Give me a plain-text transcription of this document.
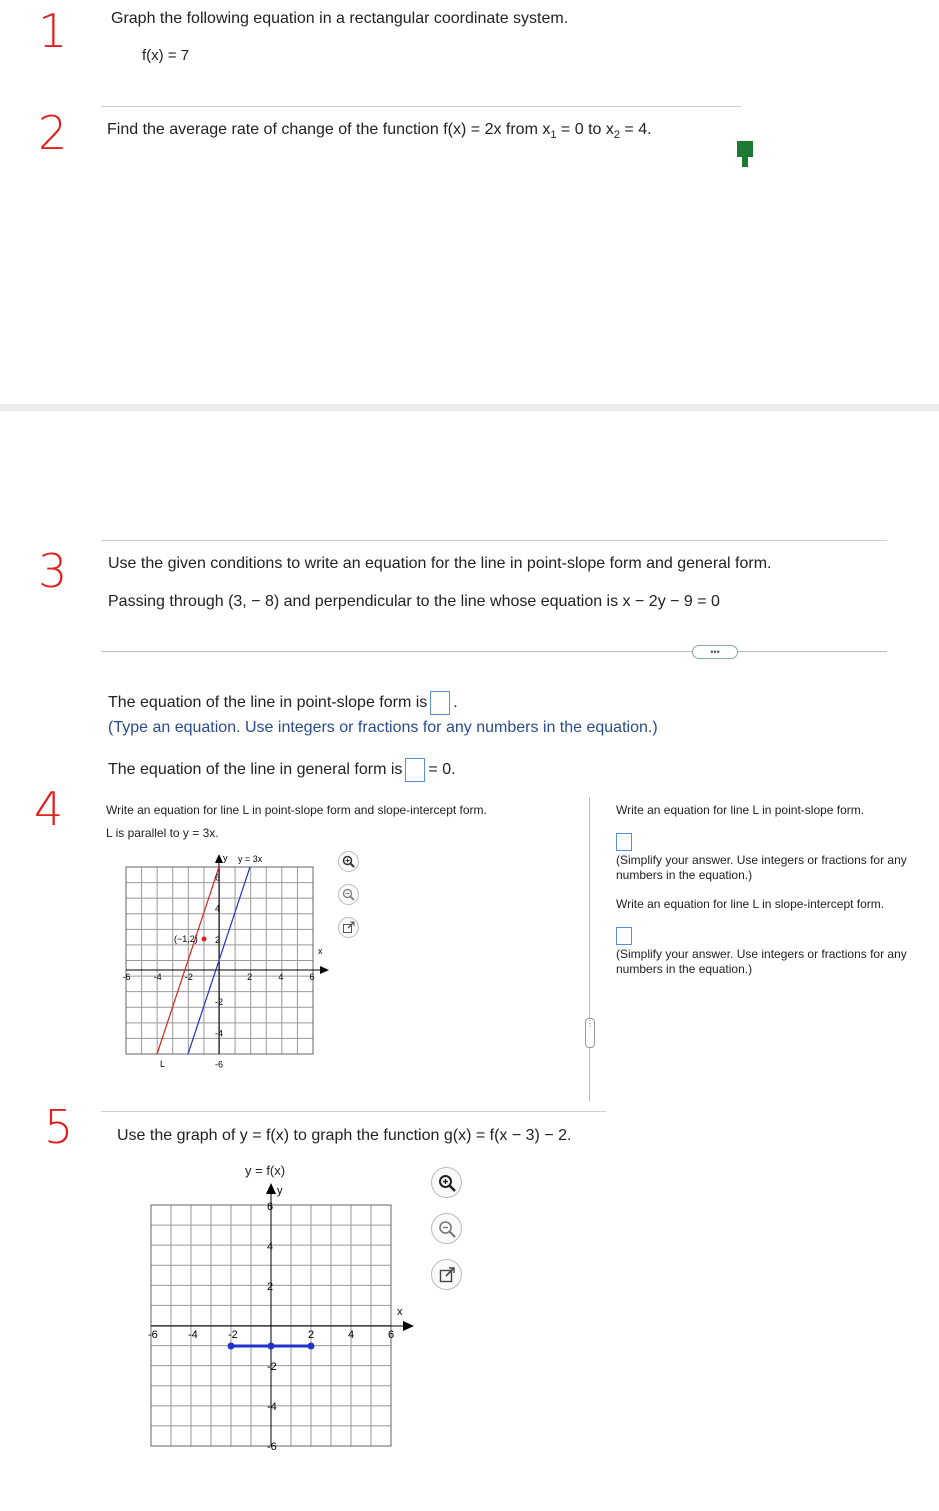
1
2
3
4
5
Graph the following equation in a rectangular coordinate system.
f(x) = 7
Find the average rate of change of the function f(x) = 2x from $x_1 = 0$ to $x_2 = 4$.
Use the given conditions to write an equation for the line in point-slope form and general form.
Passing through (3, − 8) and perpendicular to the line whose equation is x − 2y − 9 = 0
•••
The equation of the line in point-slope form is .
(Type an equation. Use integers or fractions for any numbers in the equation.)
The equation of the line in general form is = 0.
Write an equation for line L in point-slope form and slope-intercept form.
L is parallel to y = 3x.
y
x
y = 3x
(−1,2)
L
-6	-4	-2	2	4	6
6
4
2
-2
-4
-6
⋮
Write an equation for line L in point-slope form.
(Simplify your answer. Use integers or fractions for any numbers in the equation.)
Write an equation for line L in slope-intercept form.
(Simplify your answer. Use integers or fractions for any numbers in the equation.)
Use the graph of y = f(x) to graph the function g(x) = f(x − 3) − 2.
y = f(x)
y
x
-6	-4	-2	2	4	6
6
4
2
-2
-4
-6
